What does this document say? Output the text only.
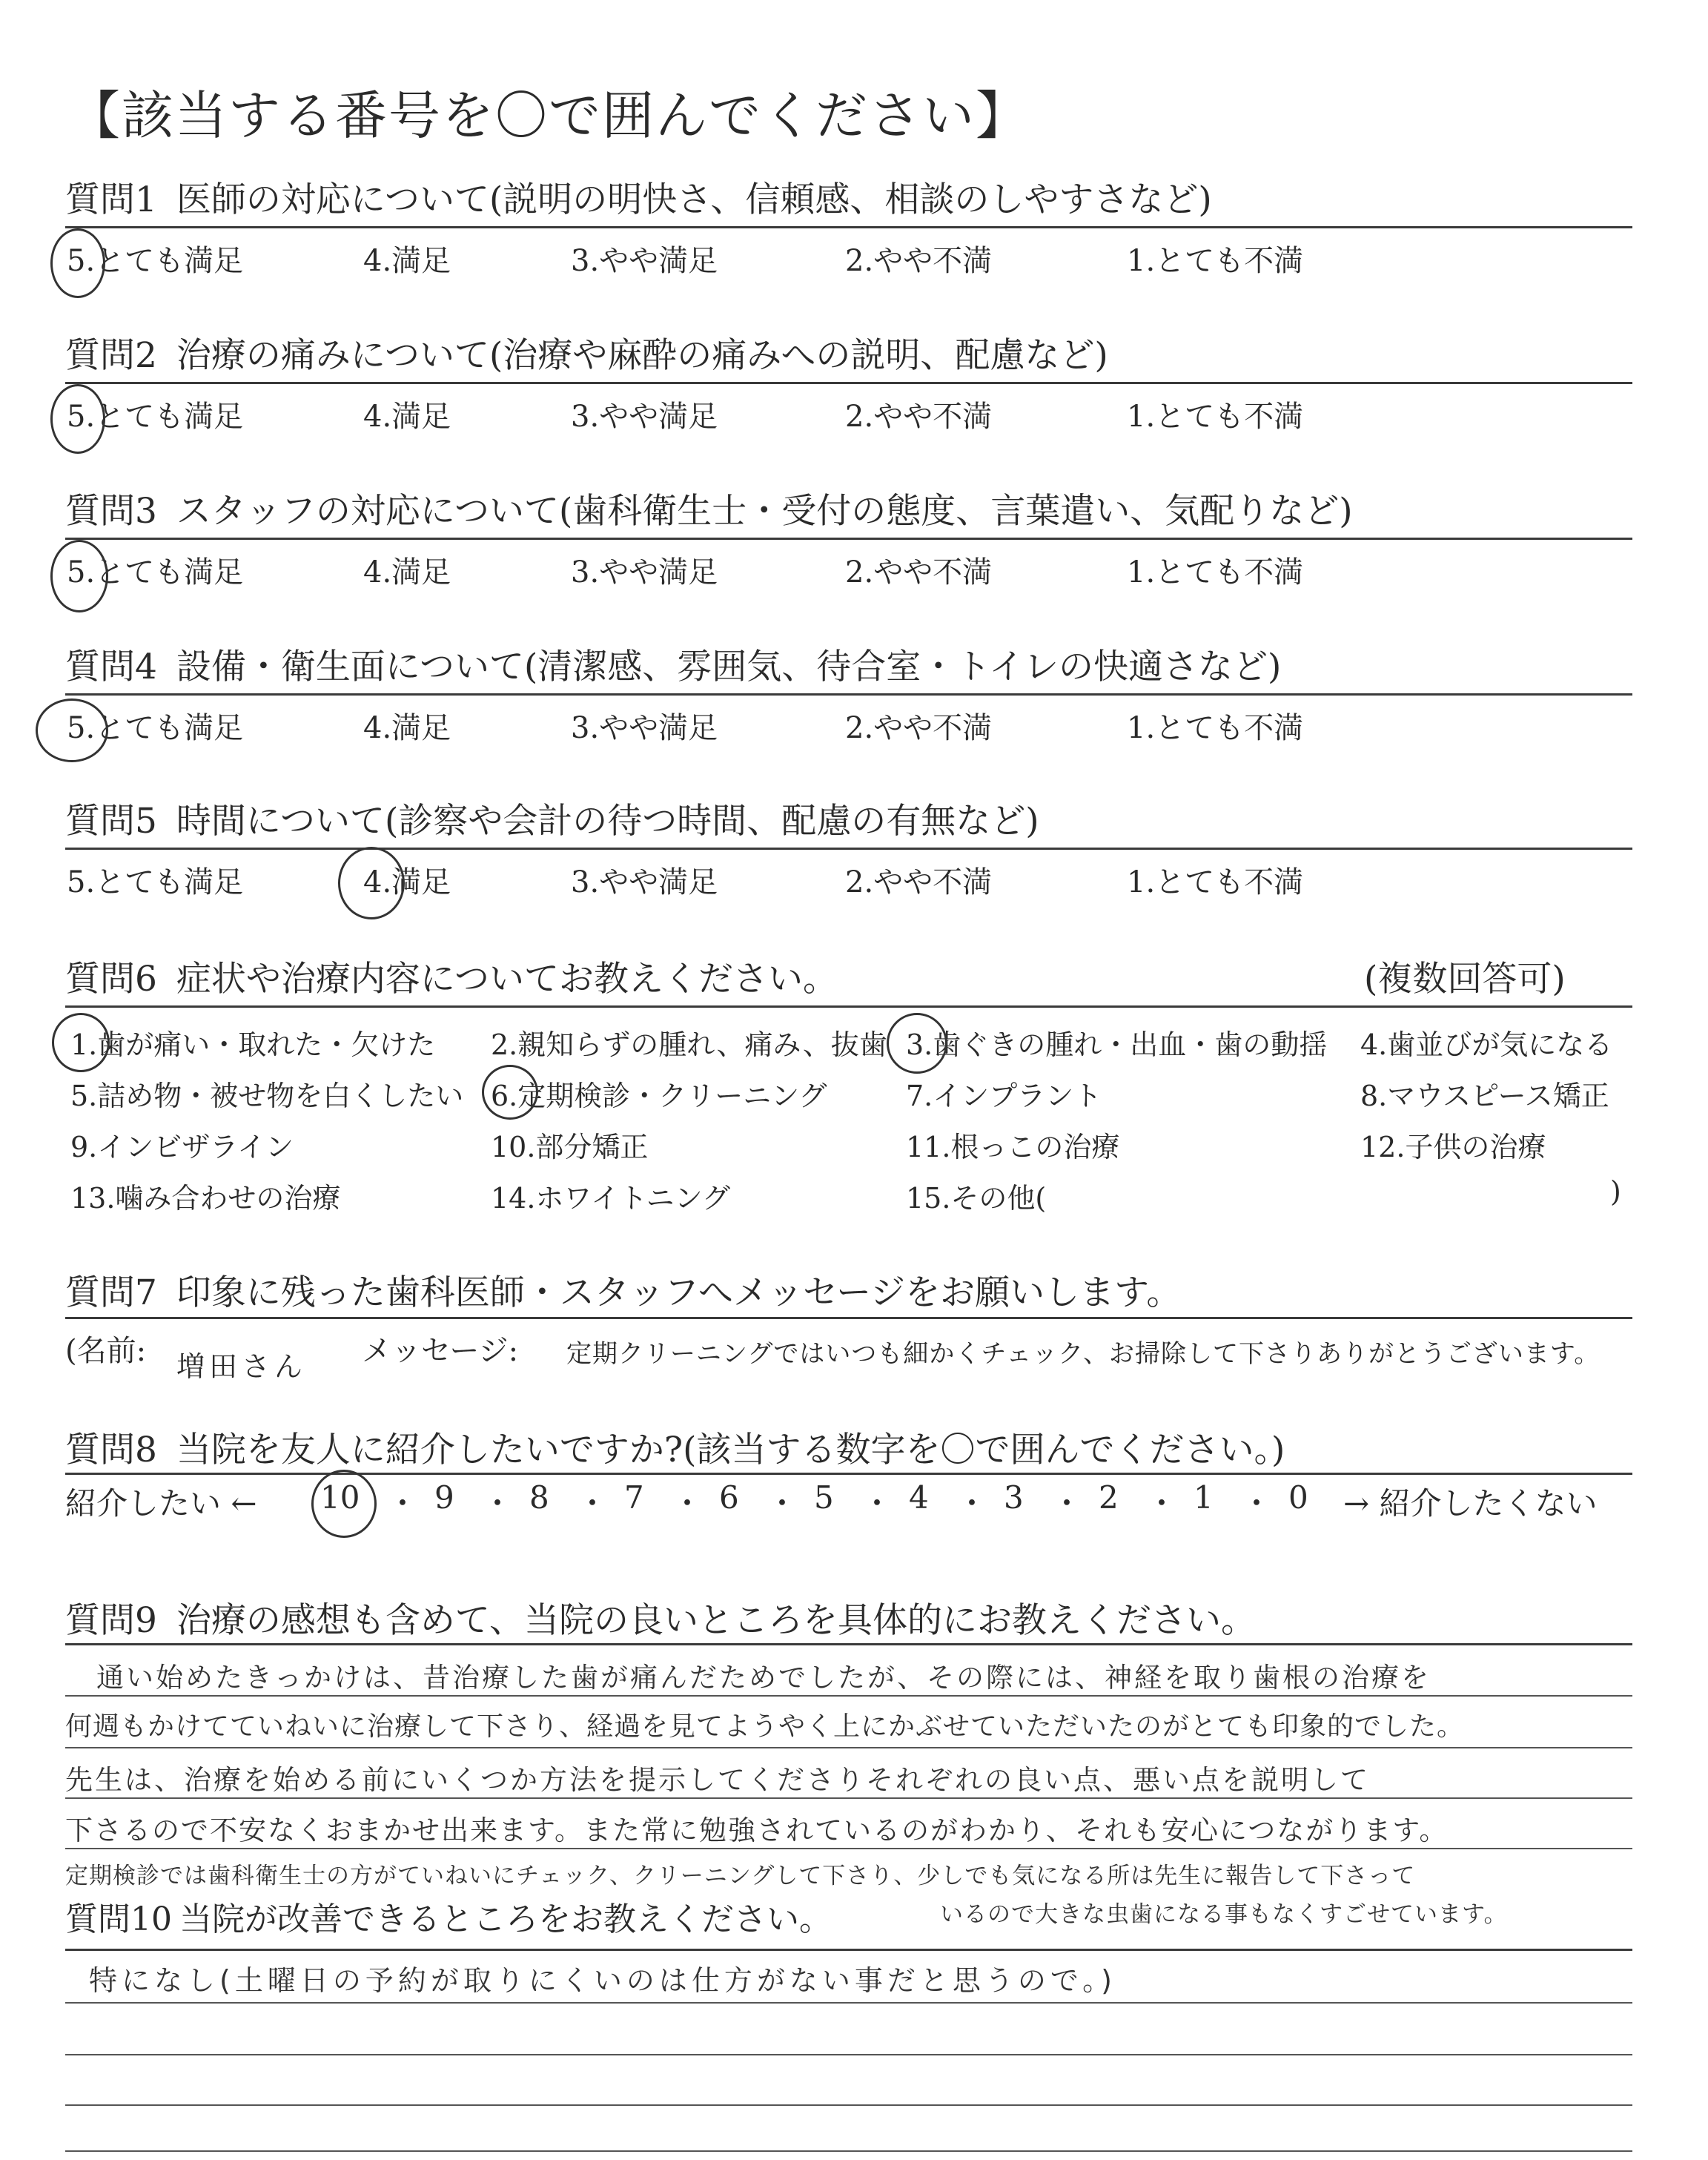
【該当する番号を〇で囲んでください】
質問1 医師の対応について(説明の明快さ、信頼感、相談のしやすさなど)
5.とても満足	4.満足	3.やや満足	2.やや不満	1.とても不満
質問2 治療の痛みについて(治療や麻酔の痛みへの説明、配慮など)
5.とても満足	4.満足	3.やや満足	2.やや不満	1.とても不満
質問3 スタッフの対応について(歯科衛生士・受付の態度、言葉遣い、気配りなど)
5.とても満足	4.満足	3.やや満足	2.やや不満	1.とても不満
質問4 設備・衛生面について(清潔感、雰囲気、待合室・トイレの快適さなど)
5.とても満足	4.満足	3.やや満足	2.やや不満	1.とても不満
質問5 時間について(診察や会計の待つ時間、配慮の有無など)
5.とても満足	4.満足	3.やや満足	2.やや不満	1.とても不満
質問6 症状や治療内容についてお教えください。	(複数回答可)
1.歯が痛い・取れた・欠けた 2.親知らずの腫れ、痛み、抜歯 3.歯ぐきの腫れ・出血・歯の動揺 4.歯並びが気になる
5.詰め物・被せ物を白くしたい 6.定期検診・クリーニング	7.インプラント	8.マウスピース矯正
9.インビザライン	10.部分矯正	11.根っこの治療	12.子供の治療
13.噛み合わせの治療	14.ホワイトニング	15.その他(	)
質問7 印象に残った歯科医師・スタッフへメッセージをお願いします。
(名前: 増田さん メッセージ: 定期クリーニングではいつも細かくチェック、お掃除して下さりありがとうございます。
質問8 当院を友人に紹介したいですか?(該当する数字を〇で囲んでください。)
紹介したい ← 10 ・ 9 ・ 8 ・ 7 ・ 6 ・ 5 ・ 4 ・ 3 ・ 2 ・ 1 ・ 0 → 紹介したくない
質問9 治療の感想も含めて、当院の良いところを具体的にお教えください。
通い始めたきっかけは、昔治療した歯が痛んだためでしたが、その際には、神経を取り歯根の治療を
何週もかけてていねいに治療して下さり、経過を見てようやく上にかぶせていただいたのがとても印象的でした。
先生は、治療を始める前にいくつか方法を提示してくださりそれぞれの良い点、悪い点を説明して
下さるので不安なくおまかせ出来ます。また常に勉強されているのがわかり、それも安心につながります。
定期検診では歯科衛生士の方がていねいにチェック、クリーニングして下さり、少しでも気になる所は先生に報告して下さって
いるので大きな虫歯になる事もなくすごせています。
質問10 当院が改善できるところをお教えください。
特になし(土曜日の予約が取りにくいのは仕方がない事だと思うので。)
